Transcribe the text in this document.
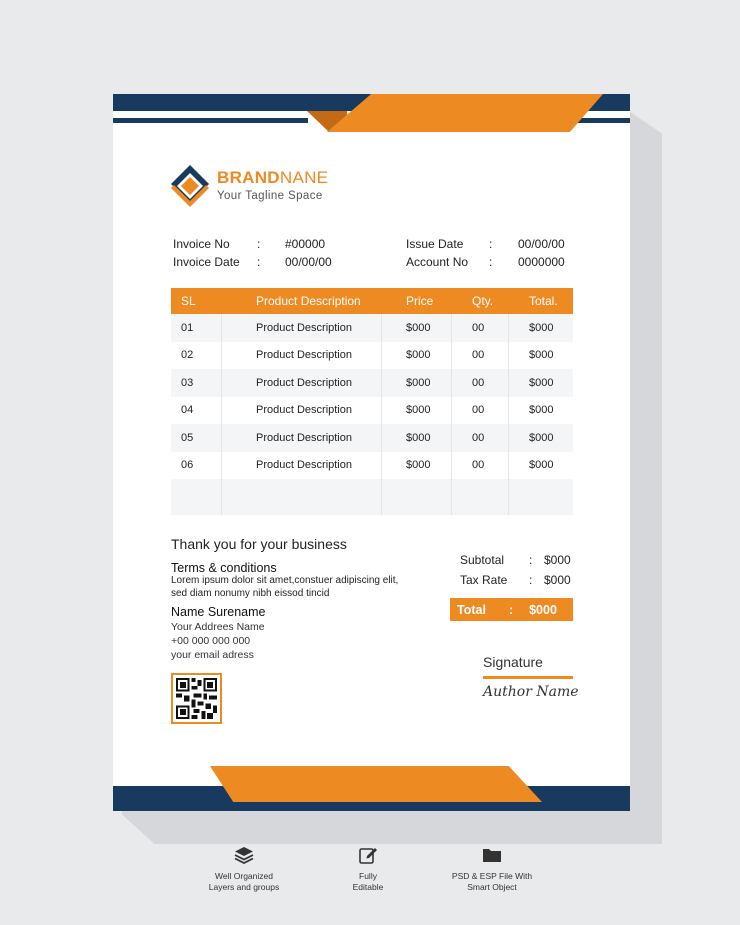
BRANDNANE
Your Tagline Space
Invoice No : #00000
Invoice Date : 00/00/00
Issue Date : 00/00/00
Account No : 0000000
SL	Product Description	Price	Qty.	Total.
01	Product Description	$000	00	$000
02	Product Description	$000	00	$000
03	Product Description	$000	00	$000
04	Product Description	$000	00	$000
05	Product Description	$000	00	$000
06	Product Description	$000	00	$000
Thank you for your business
Terms & conditions
Lorem ipsum dolor sit amet,constuer adipiscing elit,
sed diam nonumy nibh eissod tincid
Name Surename
Your Addrees Name
+00 000 000 000
your email adress
Subtotal : $000
Tax Rate : $000
Total : $000
Signature
Author Name
Well Organized
Layers and groups
Fully
Editable
PSD & ESP File With
Smart Object
